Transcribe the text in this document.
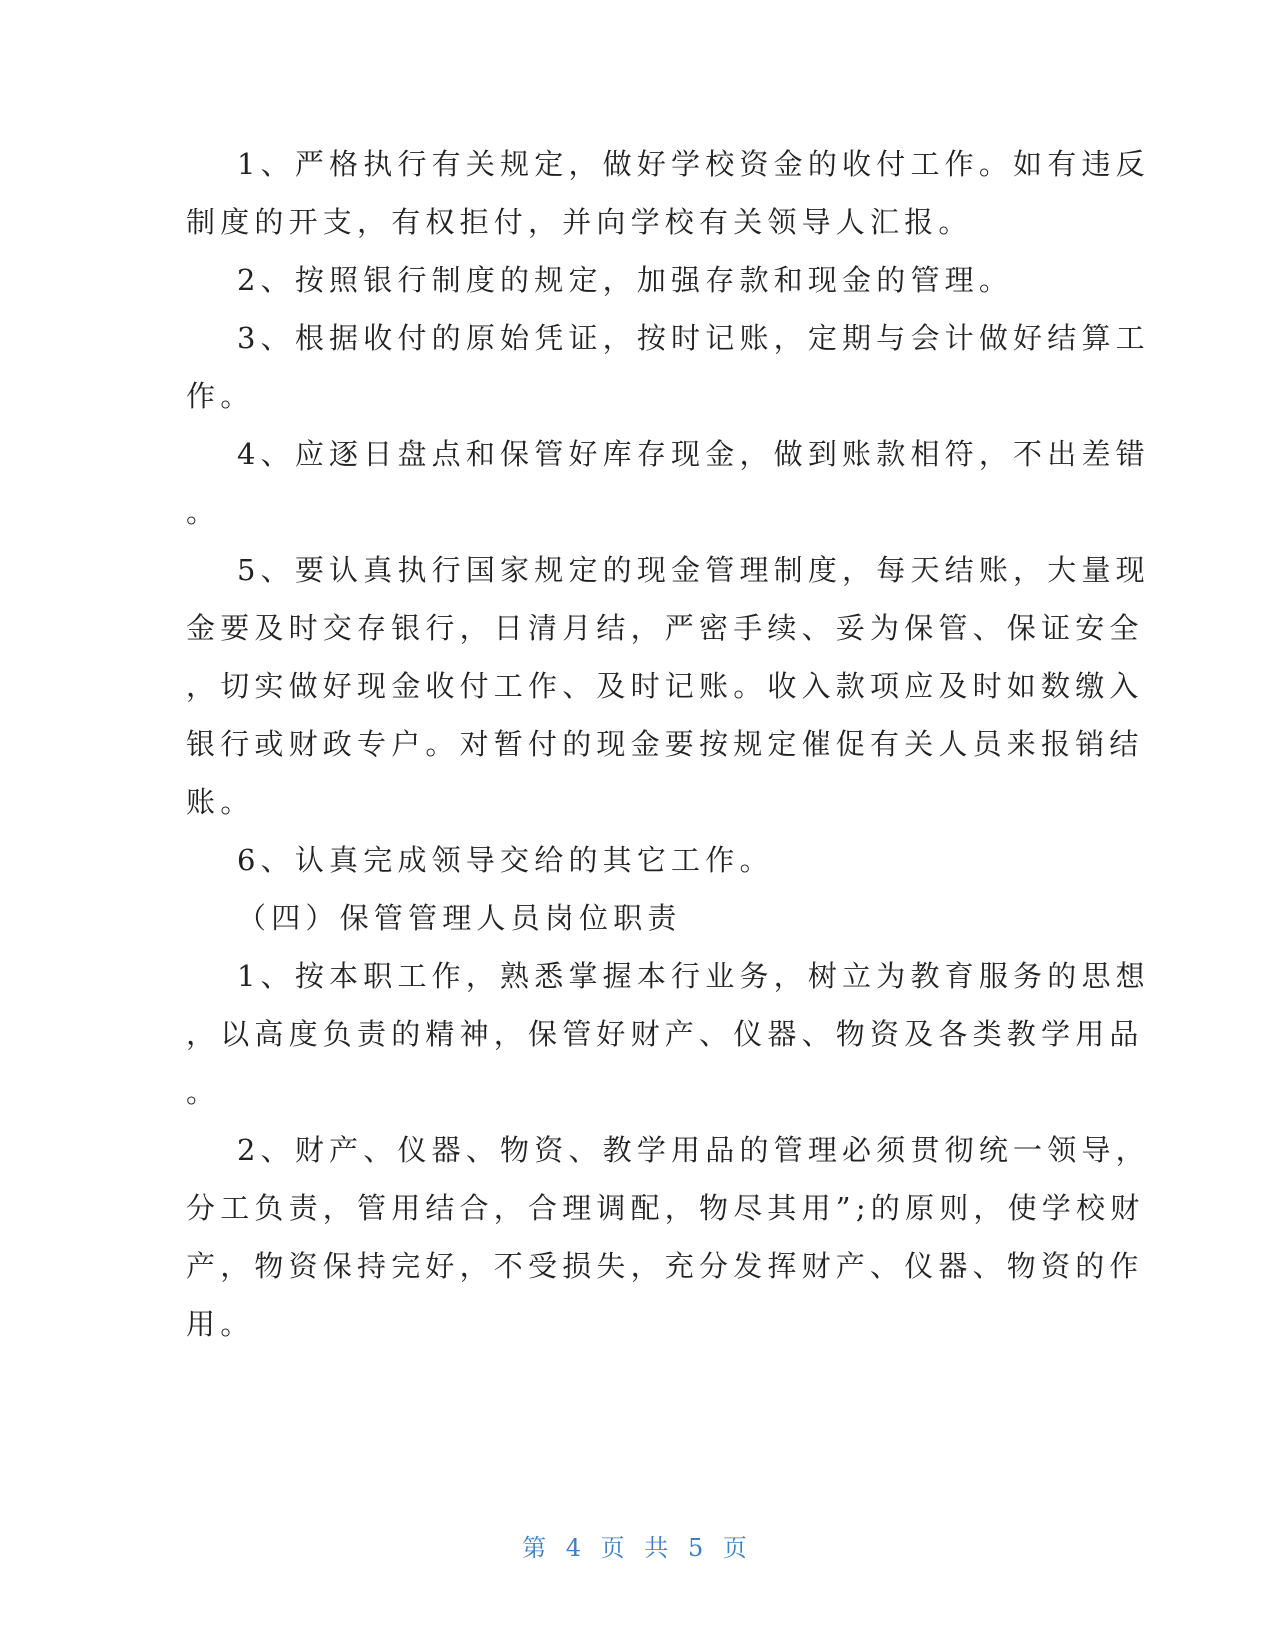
1、严格执行有关规定，做好学校资金的收付工作。如有违反
制度的开支，有权拒付，并向学校有关领导人汇报。
2、按照银行制度的规定，加强存款和现金的管理。
3、根据收付的原始凭证，按时记账，定期与会计做好结算工
作。
4、应逐日盘点和保管好库存现金，做到账款相符，不出差错
。
5、要认真执行国家规定的现金管理制度，每天结账，大量现
金要及时交存银行，日清月结，严密手续、妥为保管、保证安全
，切实做好现金收付工作、及时记账。收入款项应及时如数缴入
银行或财政专户。对暂付的现金要按规定催促有关人员来报销结
账。
6、认真完成领导交给的其它工作。
（四）保管管理人员岗位职责
1、按本职工作，熟悉掌握本行业务，树立为教育服务的思想
，以高度负责的精神，保管好财产、仪器、物资及各类教学用品
。
2、财产、仪器、物资、教学用品的管理必须贯彻统一领导，
分工负责，管用结合，合理调配，物尽其用”;的原则，使学校财
产，物资保持完好，不受损失，充分发挥财产、仪器、物资的作
用。
第 4 页 共 5 页
